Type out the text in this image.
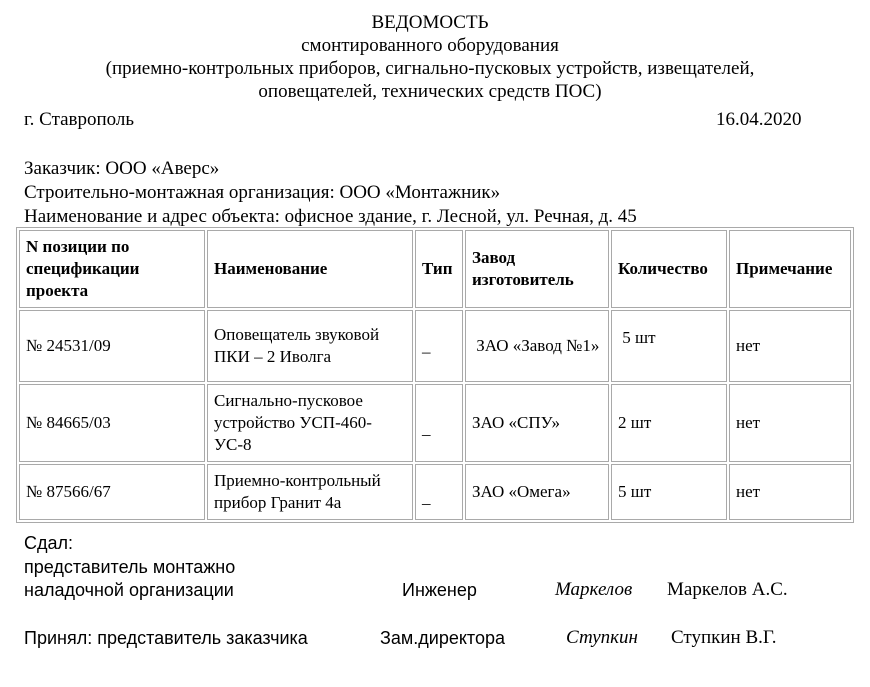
ВЕДОМОСТЬ
смонтированного оборудования
(приемно-контрольных приборов, сигнально-пусковых устройств, извещателей,
оповещателей, технических средств ПОС)
г. Ставрополь	16.04.2020
Заказчик: ООО «Аверс»
Строительно-монтажная организация: ООО «Монтажник»
Наименование и адрес объекта: офисное здание, г. Лесной, ул. Речная, д. 45
N позиции по спецификации проекта	Наименование	Тип	Завод изготовитель	Количество	Примечание
№ 24531/09	Оповещатель звуковой ПКИ – 2 Иволга	–	ЗАО «Завод №1»	5 шт	нет
№ 84665/03	Сигнально-пусковое устройство УСП-460-УС-8	_	ЗАО «СПУ»	2 шт	нет
№ 87566/67	Приемно-контрольный прибор Гранит 4а	_	ЗАО «Омега»	5 шт	нет
Сдал:
представитель монтажно
наладочной организации	Инженер	Маркелов Маркелов А.С.
Принял: представитель заказчика	Зам.директора	Ступкин Ступкин В.Г.
